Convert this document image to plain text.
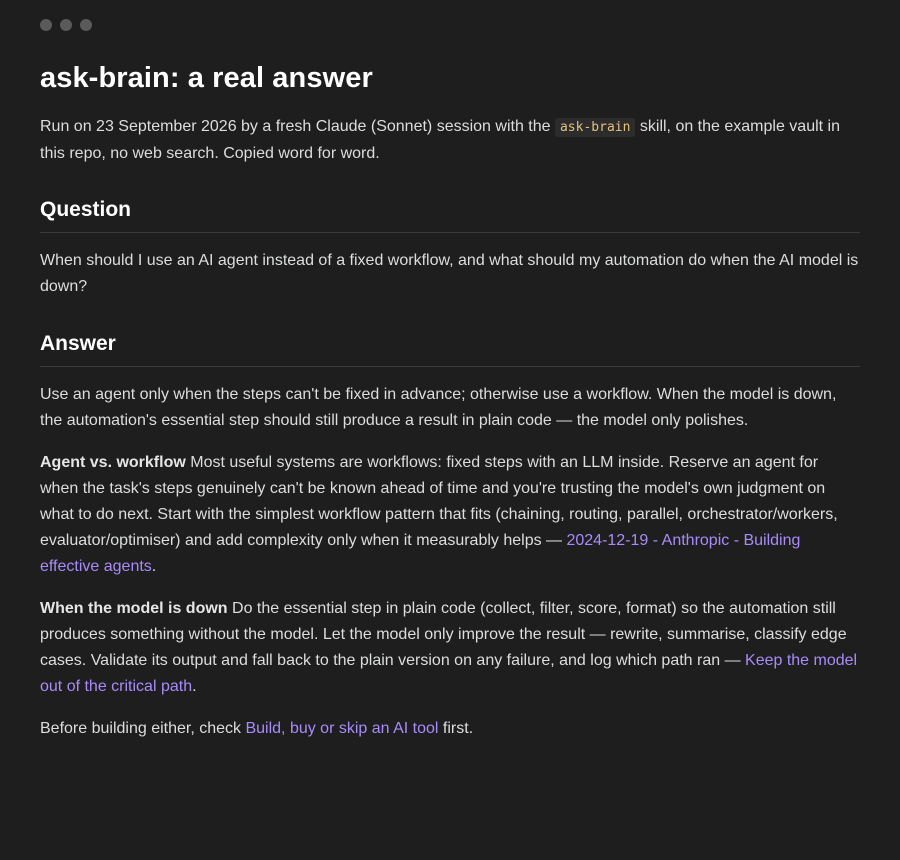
ask-brain: a real answer

Run on 23 September 2026 by a fresh Claude (Sonnet) session with the ask-brain skill, on the example vault in this repo, no web search. Copied word for word.

Question

When should I use an AI agent instead of a fixed workflow, and what should my automation do when the AI model is down?

Answer

Use an agent only when the steps can't be fixed in advance; otherwise use a workflow. When the model is down, the automation's essential step should still produce a result in plain code — the model only polishes.

Agent vs. workflow Most useful systems are workflows: fixed steps with an LLM inside. Reserve an agent for when the task's steps genuinely can't be known ahead of time and you're trusting the model's own judgment on what to do next. Start with the simplest workflow pattern that fits (chaining, routing, parallel, orchestrator/workers, evaluator/optimiser) and add complexity only when it measurably helps — 2024-12-19 - Anthropic - Building effective agents.

When the model is down Do the essential step in plain code (collect, filter, score, format) so the automation still produces something without the model. Let the model only improve the result — rewrite, summarise, classify edge cases. Validate its output and fall back to the plain version on any failure, and log which path ran — Keep the model out of the critical path.

Before building either, check Build, buy or skip an AI tool first.
